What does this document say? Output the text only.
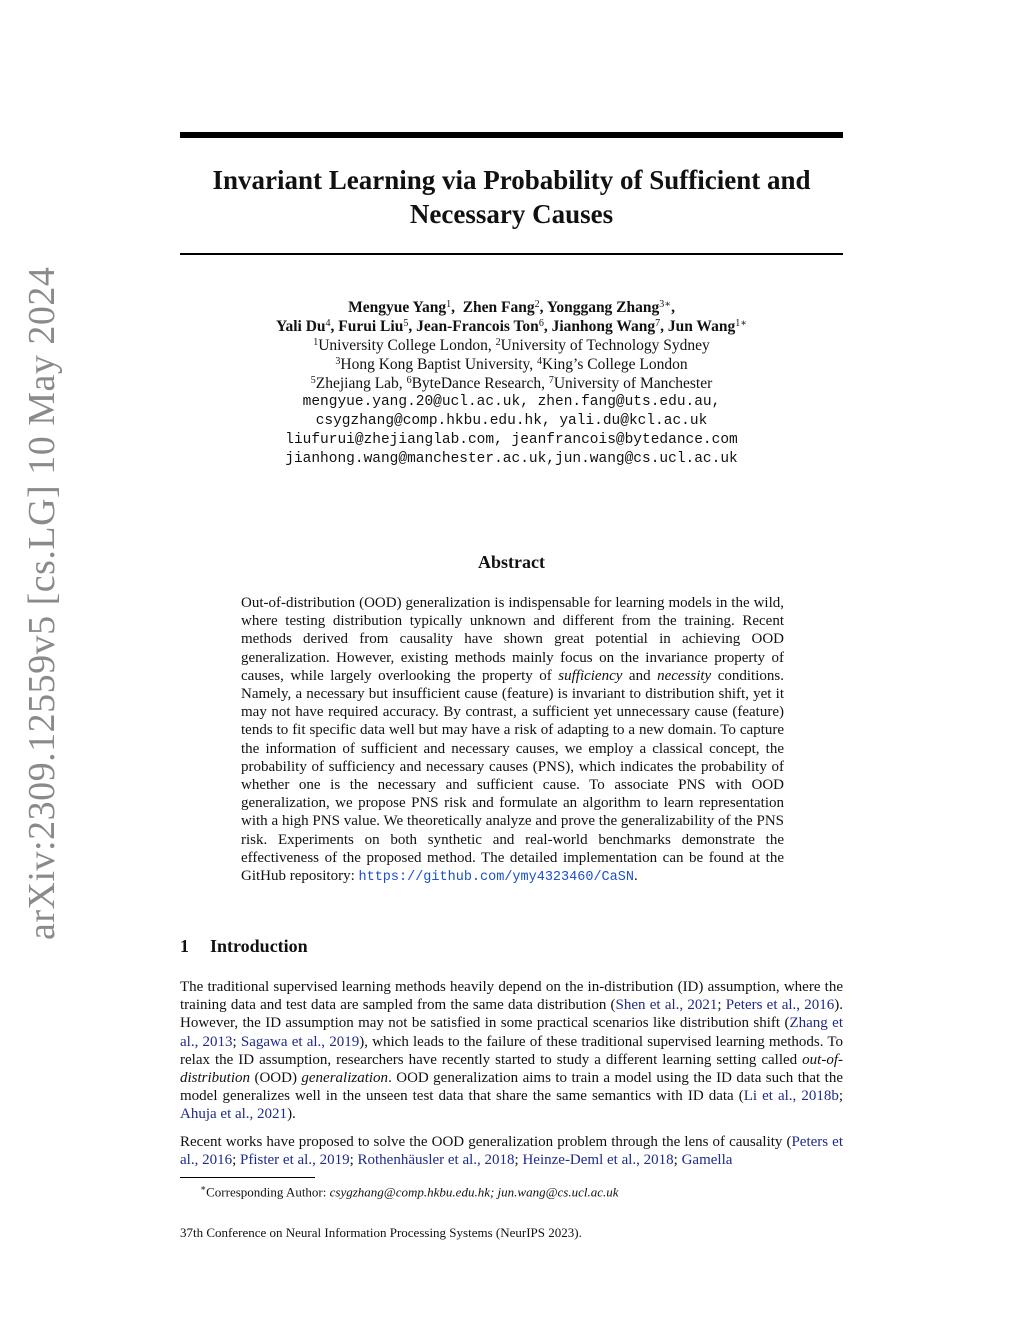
arXiv:2309.12559v5 [cs.LG] 10 May 2024
Invariant Learning via Probability of Sufficient and
Necessary Causes
Mengyue Yang$^1$,  Zhen Fang$^2$, Yonggang Zhang$^{3∗}$,
Yali Du$^4$, Furui Liu$^5$, Jean-Francois Ton$^6$, Jianhong Wang$^7$, Jun Wang$^{1∗}$
$^1$University College London, $^2$University of Technology Sydney
$^3$Hong Kong Baptist University, $^4$King’s College London
$^5$Zhejiang Lab, $^6$ByteDance Research, $^7$University of Manchester
mengyue.yang.20@ucl.ac.uk, zhen.fang@uts.edu.au,
csygzhang@comp.hkbu.edu.hk, yali.du@kcl.ac.uk
liufurui@zhejianglab.com, jeanfrancois@bytedance.com
jianhong.wang@manchester.ac.uk,jun.wang@cs.ucl.ac.uk
Abstract
Out-of-distribution (OOD) generalization is indispensable for learning models in the wild, where testing distribution typically unknown and different from the training. Recent methods derived from causality have shown great potential in achieving OOD generalization. However, existing methods mainly focus on the invariance property of causes, while largely overlooking the property of sufficiency and necessity conditions. Namely, a necessary but insufficient cause (feature) is invariant to distribution shift, yet it may not have required accuracy. By contrast, a sufficient yet unnecessary cause (feature) tends to fit specific data well but may have a risk of adapting to a new domain. To capture the information of sufficient and necessary causes, we employ a classical concept, the probability of sufficiency and necessary causes (PNS), which indicates the probability of whether one is the necessary and sufficient cause. To associate PNS with OOD generalization, we propose PNS risk and formulate an algorithm to learn representation with a high PNS value. We theoretically analyze and prove the generalizability of the PNS risk. Experiments on both synthetic and real-world benchmarks demonstrate the effectiveness of the proposed method. The detailed implementation can be found at the GitHub repository: https://github.com/ymy4323460/CaSN.
1 Introduction
The traditional supervised learning methods heavily depend on the in-distribution (ID) assumption, where the training data and test data are sampled from the same data distribution (Shen et al., 2021; Peters et al., 2016). However, the ID assumption may not be satisfied in some practical scenarios like distribution shift (Zhang et al., 2013; Sagawa et al., 2019), which leads to the failure of these traditional supervised learning methods. To relax the ID assumption, researchers have recently started to study a different learning setting called out-of-distribution (OOD) generalization. OOD generalization aims to train a model using the ID data such that the model generalizes well in the unseen test data that share the same semantics with ID data (Li et al., 2018b; Ahuja et al., 2021).
Recent works have proposed to solve the OOD generalization problem through the lens of causality (Peters et al., 2016; Pfister et al., 2019; Rothenhäusler et al., 2018; Heinze-Deml et al., 2018; Gamella
∗Corresponding Author: csygzhang@comp.hkbu.edu.hk; jun.wang@cs.ucl.ac.uk
37th Conference on Neural Information Processing Systems (NeurIPS 2023).
